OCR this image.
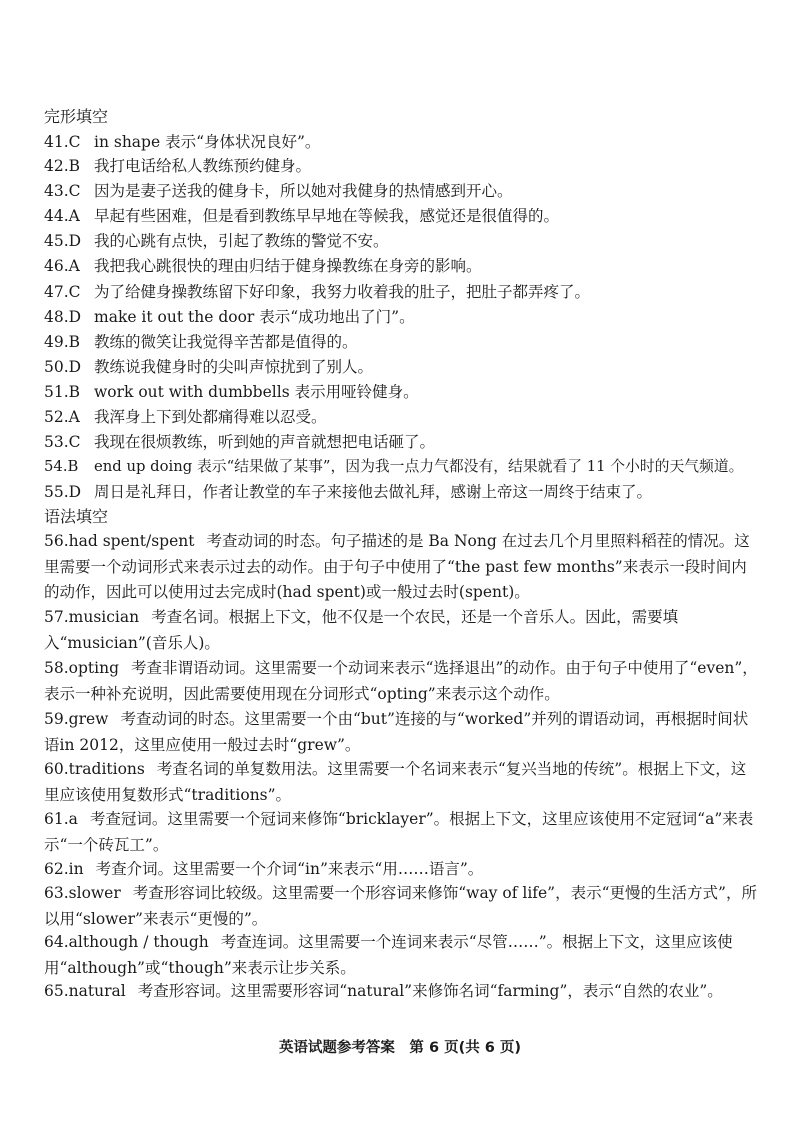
完形填空
41.C in shape 表示“身体状况良好”。
42.B 我打电话给私人教练预约健身。
43.C 因为是妻子送我的健身卡，所以她对我健身的热情感到开心。
44.A 早起有些困难，但是看到教练早早地在等候我，感觉还是很值得的。
45.D 我的心跳有点快，引起了教练的警觉不安。
46.A 我把我心跳很快的理由归结于健身操教练在身旁的影响。
47.C 为了给健身操教练留下好印象，我努力收着我的肚子，把肚子都弄疼了。
48.D make it out the door 表示“成功地出了门”。
49.B 教练的微笑让我觉得辛苦都是值得的。
50.D 教练说我健身时的尖叫声惊扰到了别人。
51.B work out with dumbbells 表示用哑铃健身。
52.A 我浑身上下到处都痛得难以忍受。
53.C 我现在很烦教练，听到她的声音就想把电话砸了。
54.B end up doing 表示“结果做了某事”，因为我一点力气都没有，结果就看了 11 个小时的天气频道。
55.D 周日是礼拜日，作者让教堂的车子来接他去做礼拜，感谢上帝这一周终于结束了。
语法填空
56.had spent/spent 考查动词的时态。句子描述的是 Ba Nong 在过去几个月里照料稻茬的情况。这里需要一个动词形式来表示过去的动作。由于句子中使用了“the past few months”来表示一段时间内的动作，因此可以使用过去完成时(had spent)或一般过去时(spent)。
57.musician 考查名词。根据上下文，他不仅是一个农民，还是一个音乐人。因此，需要填入“musician”(音乐人)。
58.opting 考查非谓语动词。这里需要一个动词来表示“选择退出”的动作。由于句子中使用了“even”，表示一种补充说明，因此需要使用现在分词形式“opting”来表示这个动作。
59.grew 考查动词的时态。这里需要一个由“but”连接的与“worked”并列的谓语动词，再根据时间状语in 2012，这里应使用一般过去时“grew”。
60.traditions 考查名词的单复数用法。这里需要一个名词来表示“复兴当地的传统”。根据上下文，这里应该使用复数形式“traditions”。
61.a 考查冠词。这里需要一个冠词来修饰“bricklayer”。根据上下文，这里应该使用不定冠词“a”来表示“一个砖瓦工”。
62.in 考查介词。这里需要一个介词“in”来表示“用……语言”。
63.slower 考查形容词比较级。这里需要一个形容词来修饰“way of life”，表示“更慢的生活方式”，所以用“slower”来表示“更慢的”。
64.although / though 考查连词。这里需要一个连词来表示“尽管……”。根据上下文，这里应该使用“although”或“though”来表示让步关系。
65.natural 考查形容词。这里需要形容词“natural”来修饰名词“farming”，表示“自然的农业”。
英语试题参考答案　第 6 页(共 6 页)
